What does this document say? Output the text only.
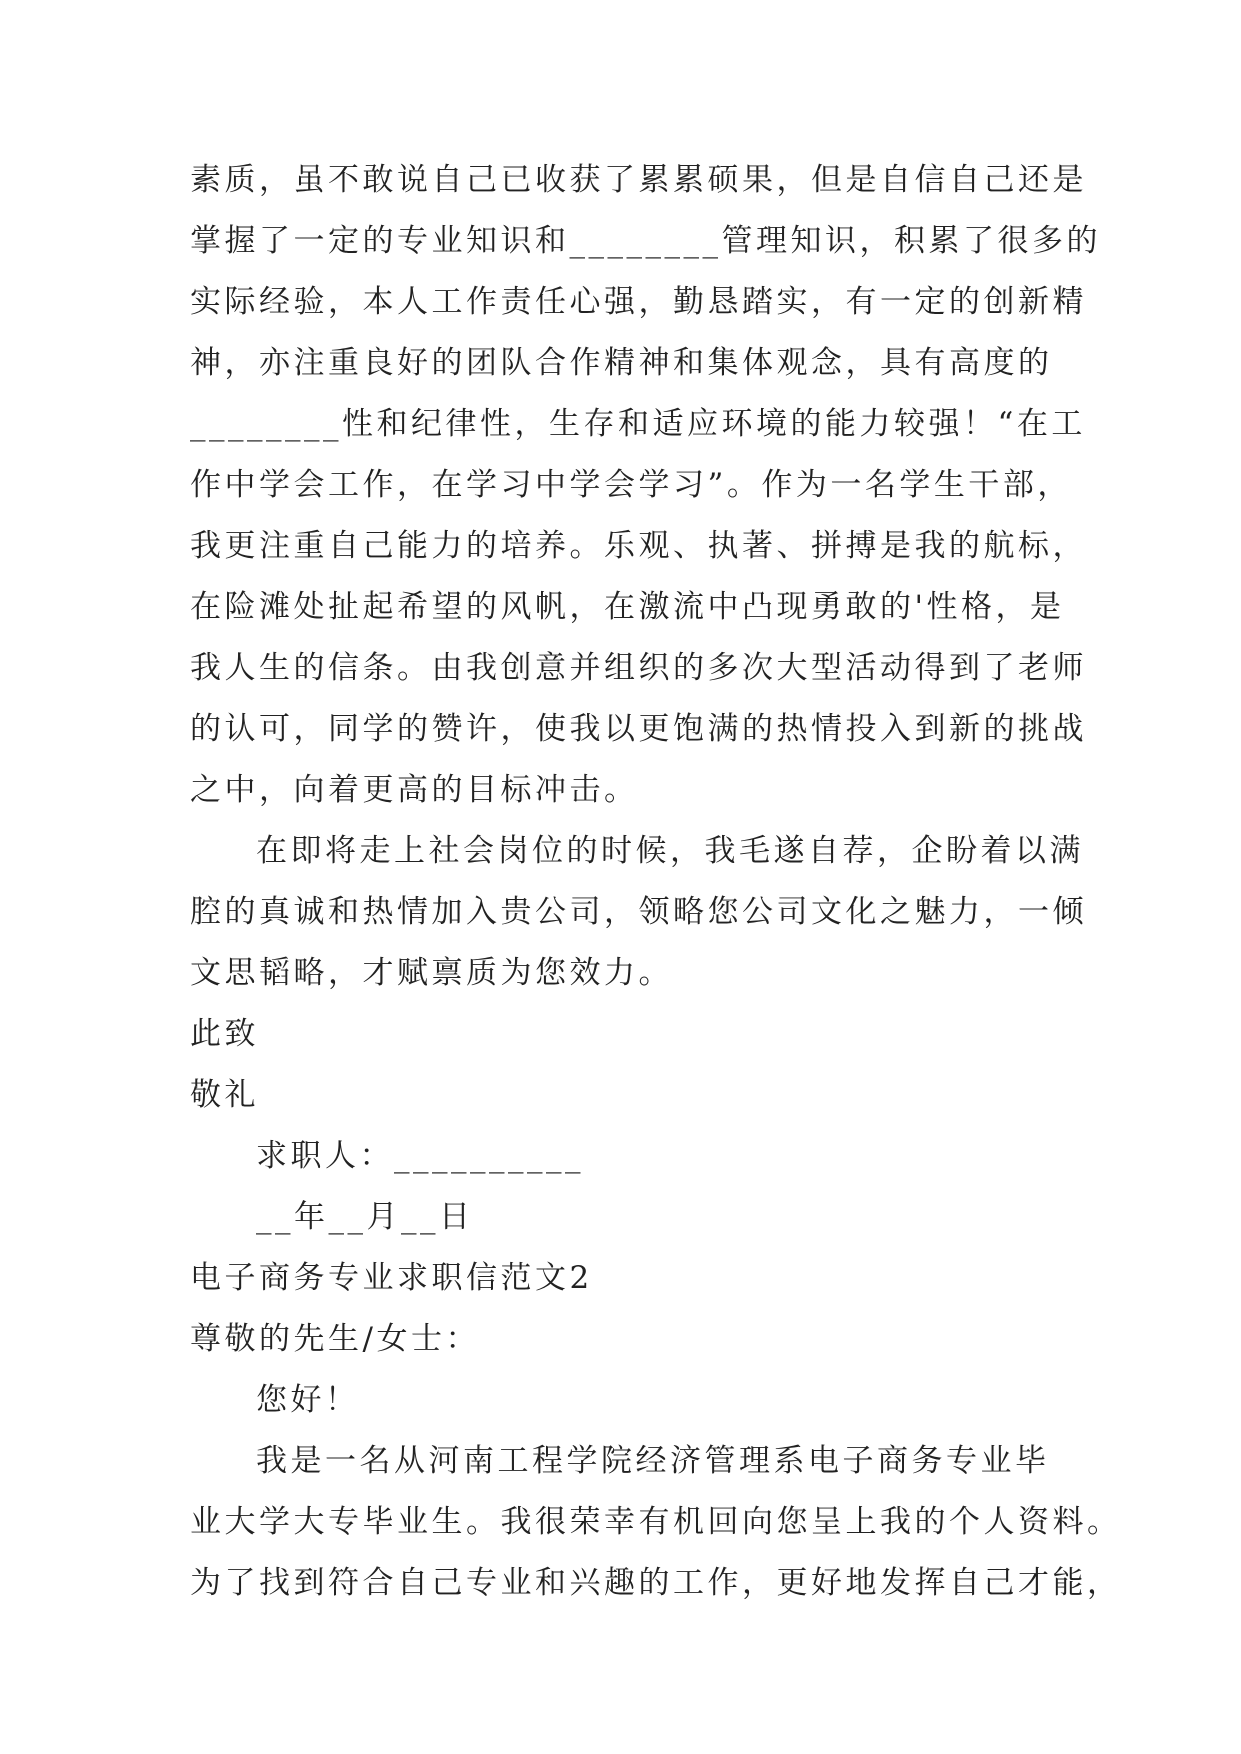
素质，虽不敢说自己已收获了累累硕果，但是自信自己还是
掌握了一定的专业知识和________管理知识，积累了很多的
实际经验，本人工作责任心强，勤恳踏实，有一定的创新精
神，亦注重良好的团队合作精神和集体观念，具有高度的
________性和纪律性，生存和适应环境的能力较强！“在工
作中学会工作，在学习中学会学习”。作为一名学生干部，
我更注重自己能力的培养。乐观、执著、拼搏是我的航标，
在险滩处扯起希望的风帆，在激流中凸现勇敢的'性格，是
我人生的信条。由我创意并组织的多次大型活动得到了老师
的认可，同学的赞许，使我以更饱满的热情投入到新的挑战
之中，向着更高的目标冲击。
在即将走上社会岗位的时候，我毛遂自荐，企盼着以满
腔的真诚和热情加入贵公司，领略您公司文化之魅力，一倾
文思韬略，才赋禀质为您效力。
此致
敬礼
求职人：__________
__年__月__日
电子商务专业求职信范文2
尊敬的先生/女士：
您好！
我是一名从河南工程学院经济管理系电子商务专业毕
业大学大专毕业生。我很荣幸有机回向您呈上我的个人资料。
为了找到符合自己专业和兴趣的工作，更好地发挥自己才能，
